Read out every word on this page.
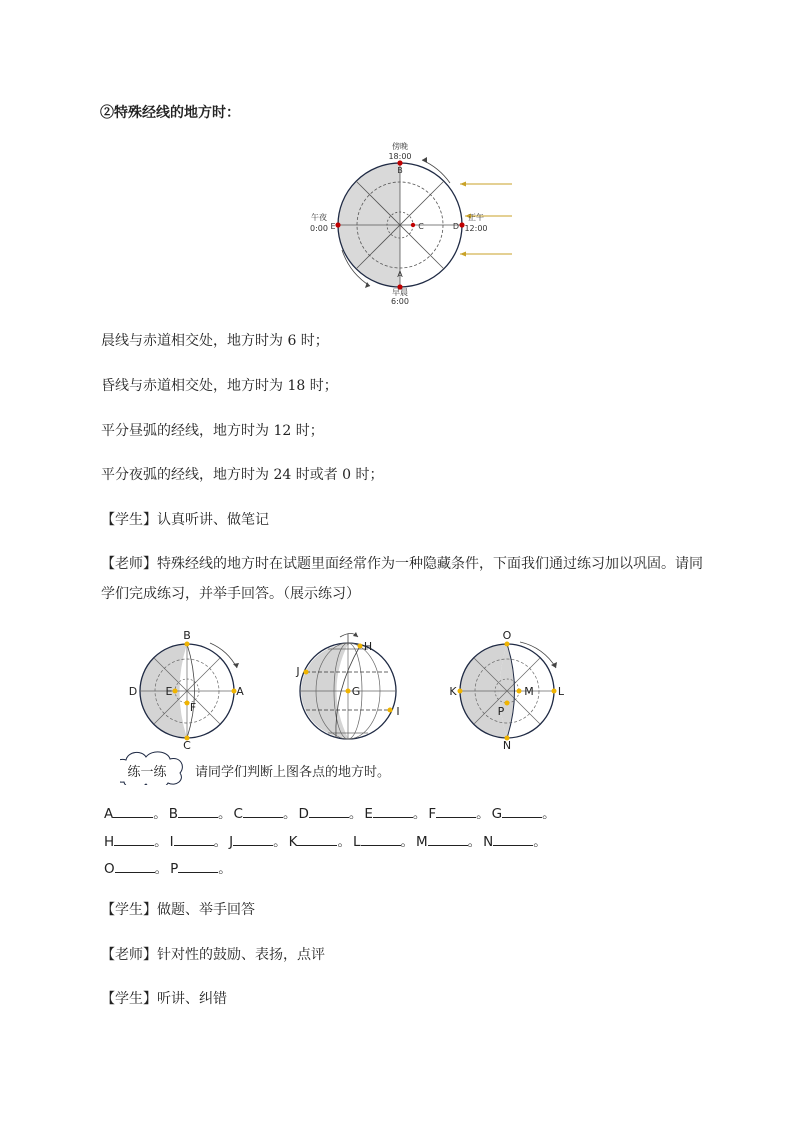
②特殊经线的地方时：
傍晚
18:00
B
A
早晨
6:00
午夜
0:00 E	D
C
正午
12:00
晨线与赤道相交处，地方时为 6 时；
昏线与赤道相交处，地方时为 18 时；
平分昼弧的经线，地方时为 12 时；
平分夜弧的经线，地方时为 24 时或者 0 时；
【学生】认真听讲、做笔记
【老师】特殊经线的地方时在试题里面经常作为一种隐藏条件，下面我们通过练习加以巩固。请同学们完成练习，并举手回答。（展示练习）
B
C
D	E	A
F
H
J
G
I
O
N
K	L
M
P
练一练 请同学们判断上图各点的地方时。
A	。 B	。 C	。 D	。 E	。 F	。 G	。
H	。 I	。 J	。 K	。 L	。 M	。 N	。
O	。 P	。
【学生】做题、举手回答
【老师】针对性的鼓励、表扬，点评
【学生】听讲、纠错
